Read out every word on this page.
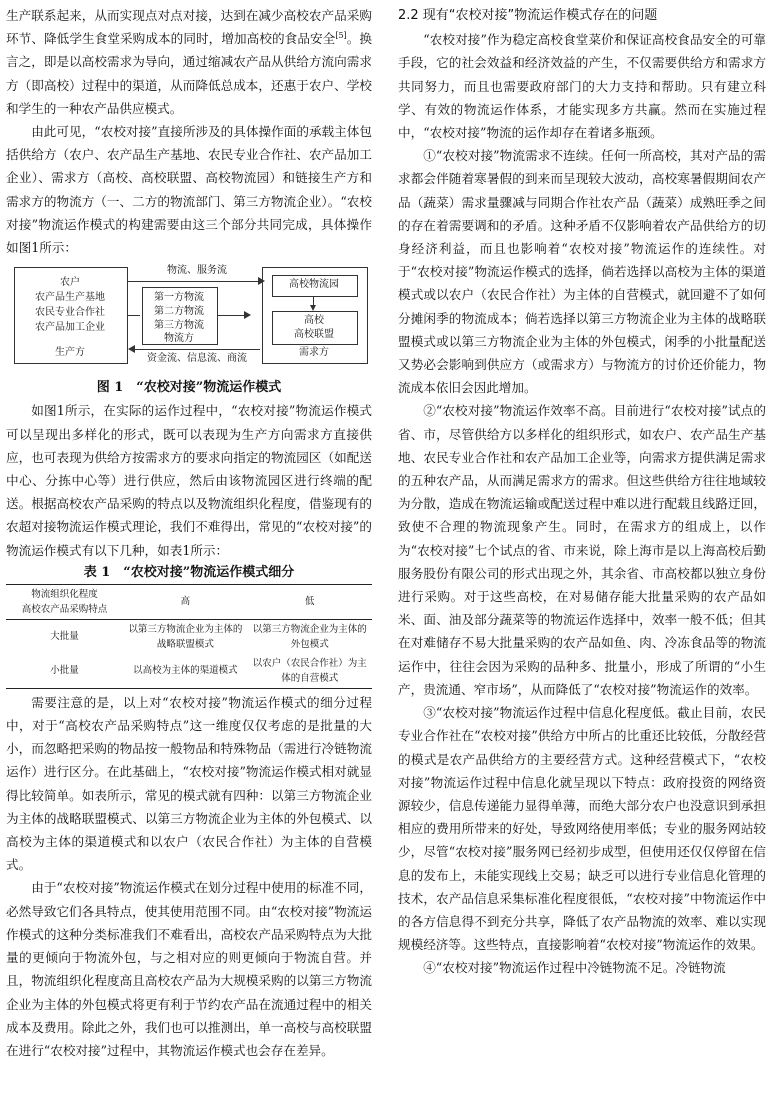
生产联系起来，从而实现点对点对接，达到在减少高校农产品采购环节、降低学生食堂采购成本的同时，增加高校的食品安全[5]。换言之，即是以高校需求为导向，通过缩减农产品从供给方流向需求方（即高校）过程中的渠道，从而降低总成本，还惠于农户、学校和学生的一种农产品供应模式。

由此可见，“农校对接”直接所涉及的具体操作面的承载主体包括供给方（农户、农产品生产基地、农民专业合作社、农产品加工企业）、需求方（高校、高校联盟、高校物流园）和链接生产方和需求方的物流方（一、二方的物流部门、第三方物流企业）。“农校对接”物流运作模式的构建需要由这三个部分共同完成，具体操作如图1所示：

农户
农产品生产基地
农民专业合作社
农产品加工企业
生产方
物流、服务流
第一方物流
第二方物流
第三方物流
物流方
资金流、信息流、商流
高校物流园
高校
高校联盟
需求方

图 1　“农校对接”物流运作模式

如图1所示，在实际的运作过程中，“农校对接”物流运作模式可以呈现出多样化的形式，既可以表现为生产方向需求方直接供应，也可表现为供给方按需求方的要求向指定的物流园区（如配送中心、分拣中心等）进行供应，然后由该物流园区进行终端的配送。根据高校农产品采购的特点以及物流组织化程度，借鉴现有的农超对接物流运作模式理论，我们不难得出，常见的“农校对接”的物流运作模式有以下几种，如表1所示：

表 1　“农校对接”物流运作模式细分

物流组织化程度
高校农产品采购特点	高	低
大批量	以第三方物流企业为主体的战略联盟模式	以第三方物流企业为主体的外包模式
小批量	以高校为主体的渠道模式	以农户（农民合作社）为主体的自营模式

需要注意的是，以上对“农校对接”物流运作模式的细分过程中，对于“高校农产品采购特点”这一维度仅仅考虑的是批量的大小，而忽略把采购的物品按一般物品和特殊物品（需进行冷链物流运作）进行区分。在此基础上，“农校对接”物流运作模式相对就显得比较简单。如表所示，常见的模式就有四种：以第三方物流企业为主体的战略联盟模式、以第三方物流企业为主体的外包模式、以高校为主体的渠道模式和以农户（农民合作社）为主体的自营模式。

由于“农校对接”物流运作模式在划分过程中使用的标准不同，必然导致它们各具特点，使其使用范围不同。由“农校对接”物流运作模式的这种分类标准我们不难看出，高校农产品采购特点为大批量的更倾向于物流外包，与之相对应的则更倾向于物流自营。并且，物流组织化程度高且高校农产品为大规模采购的以第三方物流企业为主体的外包模式将更有利于节约农产品在流通过程中的相关成本及费用。除此之外，我们也可以推测出，单一高校与高校联盟在进行“农校对接”过程中，其物流运作模式也会存在差异。

2.2 现有“农校对接”物流运作模式存在的问题

“农校对接”作为稳定高校食堂菜价和保证高校食品安全的可靠手段，它的社会效益和经济效益的产生，不仅需要供给方和需求方共同努力，而且也需要政府部门的大力支持和帮助。只有建立科学、有效的物流运作体系，才能实现多方共赢。然而在实施过程中，“农校对接”物流的运作却存在着诸多瓶颈。

①“农校对接”物流需求不连续。任何一所高校，其对产品的需求都会伴随着寒暑假的到来而呈现较大波动，高校寒暑假期间农产品（蔬菜）需求量骤减与同期合作社农产品（蔬菜）成熟旺季之间的存在着需要调和的矛盾。这种矛盾不仅影响着农产品供给方的切身经济利益，而且也影响着“农校对接”物流运作的连续性。对于“农校对接”物流运作模式的选择，倘若选择以高校为主体的渠道模式或以农户（农民合作社）为主体的自营模式，就回避不了如何分摊闲季的物流成本；倘若选择以第三方物流企业为主体的战略联盟模式或以第三方物流企业为主体的外包模式，闲季的小批量配送又势必会影响到供应方（或需求方）与物流方的讨价还价能力，物流成本依旧会因此增加。

②“农校对接”物流运作效率不高。目前进行“农校对接”试点的省、市，尽管供给方以多样化的组织形式，如农户、农产品生产基地、农民专业合作社和农产品加工企业等，向需求方提供满足需求的五种农产品，从而满足需求方的需求。但这些供给方往往地域较为分散，造成在物流运输或配送过程中难以进行配载且线路迂回，致使不合理的物流现象产生。同时，在需求方的组成上，以作为“农校对接”七个试点的省、市来说，除上海市是以上海高校后勤服务股份有限公司的形式出现之外，其余省、市高校都以独立身份进行采购。对于这些高校，在对易储存能大批量采购的农产品如米、面、油及部分蔬菜等的物流运作选择中，效率一般不低；但其在对难储存不易大批量采购的农产品如鱼、肉、冷冻食品等的物流运作中，往往会因为采购的品种多、批量小，形成了所谓的“小生产，贵流通、窄市场”，从而降低了“农校对接”物流运作的效率。

③“农校对接”物流运作过程中信息化程度低。截止目前，农民专业合作社在“农校对接”供给方中所占的比重还比较低，分散经营的模式是农产品供给方的主要经营方式。这种经营模式下，“农校对接”物流运作过程中信息化就呈现以下特点：政府投资的网络资源较少，信息传递能力显得单薄，而绝大部分农户也没意识到承担相应的费用所带来的好处，导致网络使用率低；专业的服务网站较少，尽管“农校对接”服务网已经初步成型，但使用还仅仅停留在信息的发布上，未能实现线上交易；缺乏可以进行专业信息化管理的技术，农产品信息采集标准化程度很低，“农校对接”中物流运作中的各方信息得不到充分共享，降低了农产品物流的效率、难以实现规模经济等。这些特点，直接影响着“农校对接”物流运作的效果。

④“农校对接”物流运作过程中冷链物流不足。冷链物流
